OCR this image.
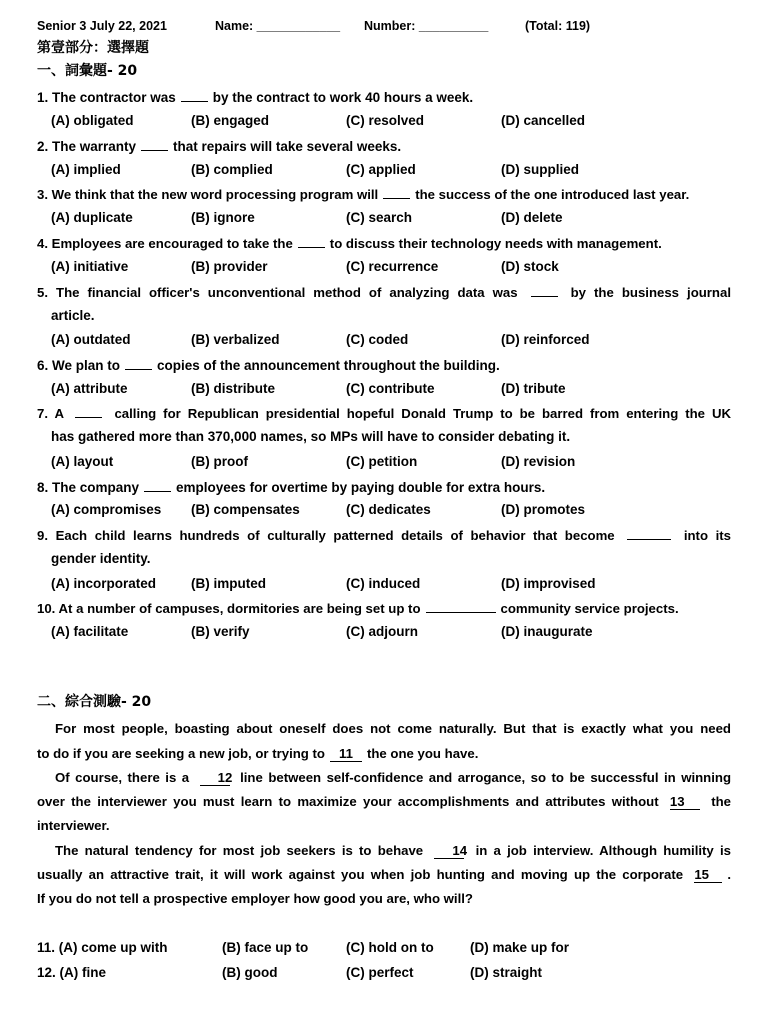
Senior 3 July 22, 2021	Name: ____________ Number: __________	(Total: 119)
第壹部分：選擇題
一、詞彙題- 20
1. The contractor was	by the contract to work 40 hours a week.
(A) obligated	(B) engaged	(C) resolved	(D) cancelled
2. The warranty	that repairs will take several weeks.
(A) implied	(B) complied	(C) applied	(D) supplied
3. We think that the new word processing program will	the success of the one introduced last year.
(A) duplicate	(B) ignore	(C) search	(D) delete
4. Employees are encouraged to take the	to discuss their technology needs with management.
(A) initiative	(B) provider	(C) recurrence	(D) stock
5. The financial officer's unconventional method of analyzing data was	by the business journal
article.
(A) outdated	(B) verbalized	(C) coded	(D) reinforced
6. We plan to	copies of the announcement throughout the building.
(A) attribute	(B) distribute	(C) contribute	(D) tribute
7. A	calling for Republican presidential hopeful Donald Trump to be barred from entering the UK
has gathered more than 370,000 names, so MPs will have to consider debating it.
(A) layout	(B) proof	(C) petition	(D) revision
8. The company	employees for overtime by paying double for extra hours.
(A) compromises (B) compensates	(C) dedicates	(D) promotes
9. Each child learns hundreds of culturally patterned details of behavior that become	into its
gender identity.
(A) incorporated	(B) imputed	(C) induced	(D) improvised
10. At a number of campuses, dormitories are being set up to	community service projects.
(A) facilitate	(B) verify	(C) adjourn	(D) inaugurate
二、綜合測驗- 20
For most people, boasting about oneself does not come naturally. But that is exactly what you need
to do if you are seeking a new job, or trying to 11 the one you have.
Of course, there is a 12 line between self-confidence and arrogance, so to be successful in winning
over the interviewer you must learn to maximize your accomplishments and attributes without 13 the
interviewer.
The natural tendency for most job seekers is to behave 14 in a job interview. Although humility is
usually an attractive trait, it will work against you when job hunting and moving up the corporate 15 .
If you do not tell a prospective employer how good you are, who will?
11. (A) come up with	(B) face up to	(C) hold on to	(D) make up for
12. (A) fine	(B) good	(C) perfect	(D) straight
